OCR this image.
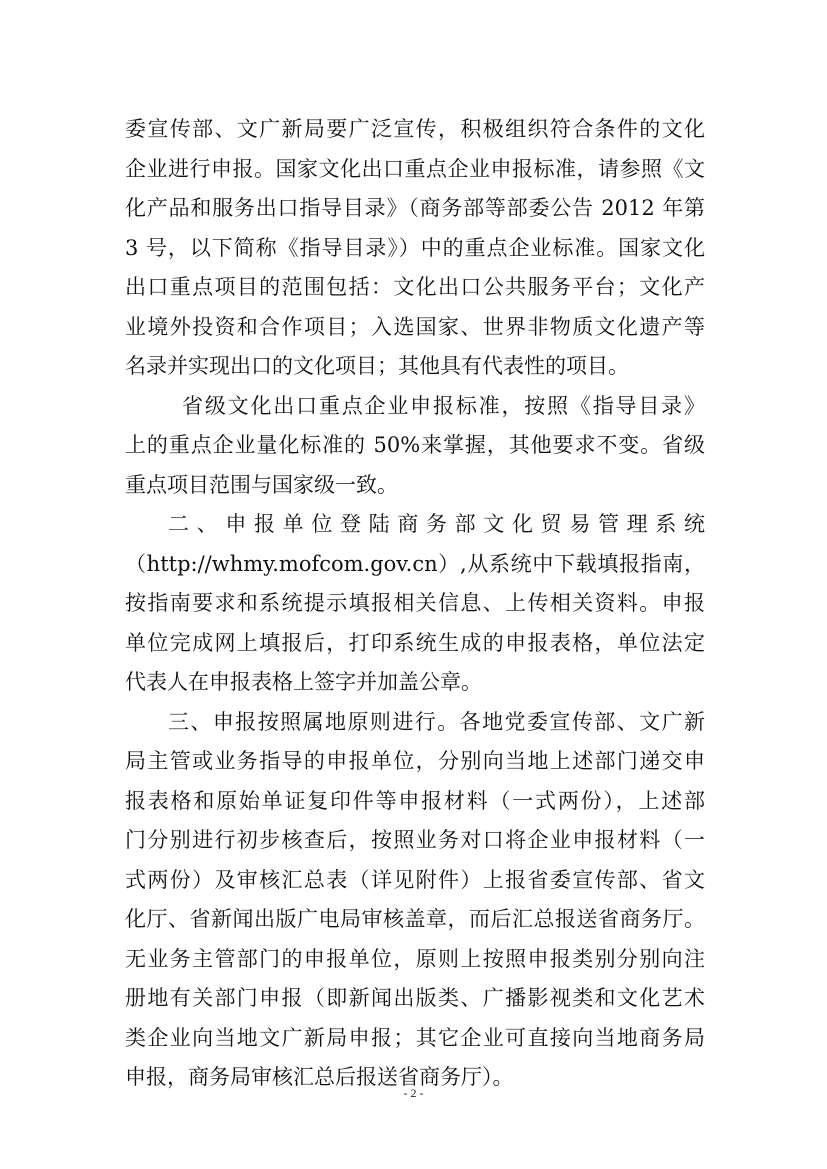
委宣传部、文广新局要广泛宣传，积极组织符合条件的文化
企业进行申报。国家文化出口重点企业申报标准，请参照《文
化产品和服务出口指导目录》（商务部等部委公告 2012 年第
3 号，以下简称《指导目录》）中的重点企业标准。国家文化
出口重点项目的范围包括：文化出口公共服务平台；文化产
业境外投资和合作项目；入选国家、世界非物质文化遗产等
名录并实现出口的文化项目；其他具有代表性的项目。
省级文化出口重点企业申报标准，按照《指导目录》
上的重点企业量化标准的 50%来掌握，其他要求不变。省级
重点项目范围与国家级一致。
二、申报单位登陆商务部文化贸易管理系统
（http://whmy.mofcom.gov.cn）,从系统中下载填报指南，
按指南要求和系统提示填报相关信息、上传相关资料。申报
单位完成网上填报后，打印系统生成的申报表格，单位法定
代表人在申报表格上签字并加盖公章。
三、申报按照属地原则进行。各地党委宣传部、文广新
局主管或业务指导的申报单位，分别向当地上述部门递交申
报表格和原始单证复印件等申报材料（一式两份），上述部
门分别进行初步核查后，按照业务对口将企业申报材料（一
式两份）及审核汇总表（详见附件）上报省委宣传部、省文
化厅、省新闻出版广电局审核盖章，而后汇总报送省商务厅。
无业务主管部门的申报单位，原则上按照申报类别分别向注
册地有关部门申报（即新闻出版类、广播影视类和文化艺术
类企业向当地文广新局申报；其它企业可直接向当地商务局
申报，商务局审核汇总后报送省商务厅）。
- 2 -
